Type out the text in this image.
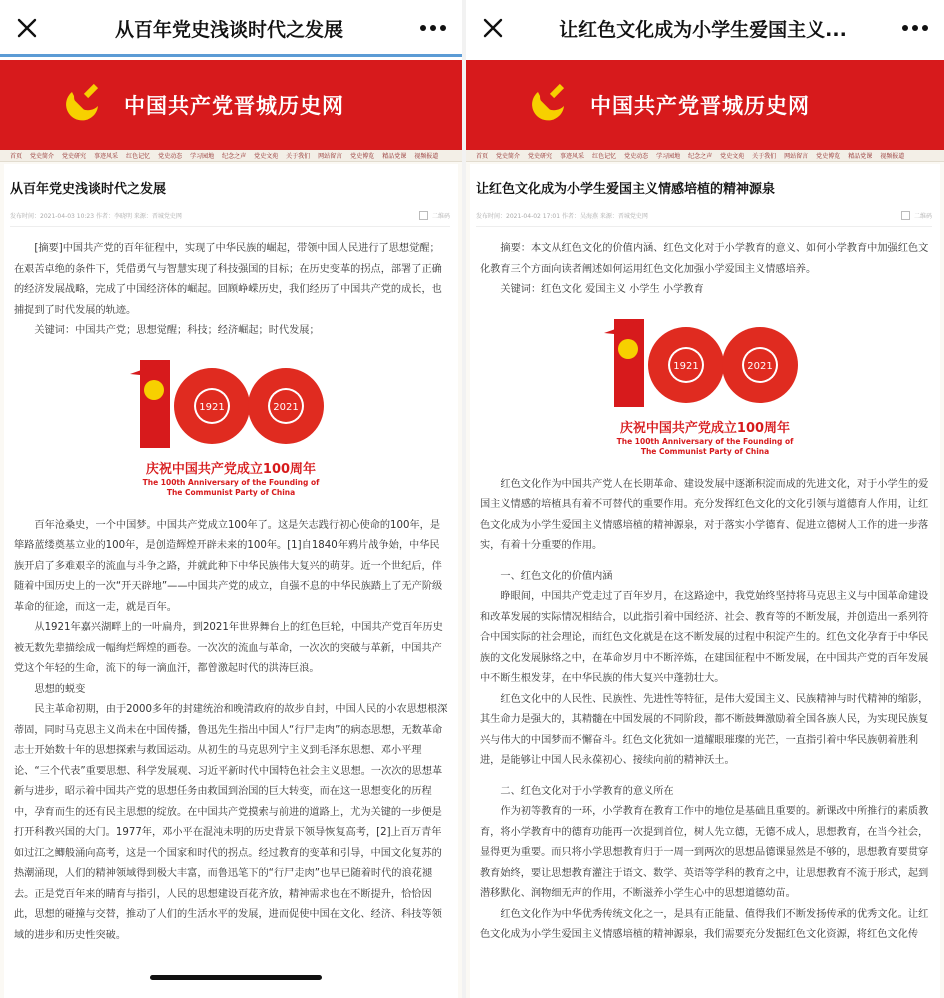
从百年党史浅谈时代之发展
中国共产党晋城历史网
首页 党史简介 党史研究 事迹风采 红色记忆 党史动态 学习园地 纪念之声 党史文苑 关于我们 网站留言 党史博览 精品党课 视频报道
从百年党史浅谈时代之发展
发布时间：2021-04-03 10:23 作者：李晓明 来源：晋城党史网	二维码

[摘要]中国共产党的百年征程中，实现了中华民族的崛起，带领中国人民进行了思想觉醒；在艰苦卓绝的条件下，凭借勇气与智慧实现了科技强国的目标；在历史变革的拐点，部署了正确的经济发展战略，完成了中国经济体的崛起。回顾峥嵘历史，我们经历了中国共产党的成长，也捕捉到了时代发展的轨迹。

关键词：中国共产党；思想觉醒；科技；经济崛起；时代发展；

1921	2021
庆祝中国共产党成立100周年
The 100th Anniversary of the Founding of
The Communist Party of China

百年沧桑史，一个中国梦。中国共产党成立100年了。这是矢志践行初心使命的100年，是筚路蓝缕奠基立业的100年，是创造辉煌开辟未来的100年。[1]自1840年鸦片战争始，中华民族开启了多难艰辛的流血与斗争之路，并就此种下中华民族伟大复兴的萌芽。近一个世纪后，伴随着中国历史上的一次“开天辟地”——中国共产党的成立，自强不息的中华民族踏上了无产阶级革命的征途，而这一走，就是百年。

从1921年嘉兴湖畔上的一叶扁舟，到2021年世界舞台上的红色巨轮，中国共产党百年历史被无数先辈描绘成一幅绚烂辉煌的画卷。一次次的流血与革命，一次次的突破与革新，中国共产党这个年轻的生命，流下的每一滴血汗，都曾激起时代的洪涛巨浪。

思想的蜕变

民主革命初期，由于2000多年的封建统治和晚清政府的故步自封，中国人民的小农思想根深蒂固，同时马克思主义尚未在中国传播，鲁迅先生指出中国人“行尸走肉”的病态思想，无数革命志士开始数十年的思想探索与救国运动。从初生的马克思列宁主义到毛泽东思想、邓小平理论、“三个代表”重要思想、科学发展观、习近平新时代中国特色社会主义思想。一次次的思想革新与进步，昭示着中国共产党的思想任务由救国到治国的巨大转变，而在这一思想变化的历程中，孕育而生的还有民主思想的绽放。在中国共产党摸索与前进的道路上，尤为关键的一步便是打开科教兴国的大门。1977年，邓小平在混沌未明的历史背景下领导恢复高考，[2]上百万青年如过江之鲫般涌向高考，这是一个国家和时代的拐点。经过教育的变革和引导，中国文化复苏的热潮涌现，人们的精神领域得到极大丰富，而鲁迅笔下的“行尸走肉”也早已随着时代的浪花褪去。正是党百年来的睛育与指引，人民的思想建设百花齐放，精神需求也在不断提升，恰恰因此，思想的碰撞与交替，推动了人们的生活水平的发展，进而促使中国在文化、经济、科技等领域的进步和历史性突破。

让红色文化成为小学生爱国主义...
中国共产党晋城历史网
首页 党史简介 党史研究 事迹风采 红色记忆 党史动态 学习园地 纪念之声 党史文苑 关于我们 网站留言 党史博览 精品党课 视频报道
让红色文化成为小学生爱国主义情感培植的精神源泉
发布时间：2021-04-02 17:01 作者：吴海燕 来源：晋城党史网	二维码

摘要：本文从红色文化的价值内涵、红色文化对于小学教育的意义、如何小学教育中加强红色文化教育三个方面向读者阐述如何运用红色文化加强小学爱国主义情感培养。

关键词：红色文化 爱国主义 小学生 小学教育

1921	2021
庆祝中国共产党成立100周年
The 100th Anniversary of the Founding of
The Communist Party of China

红色文化作为中国共产党人在长期革命、建设发展中逐渐积淀而成的先进文化，对于小学生的爱国主义情感的培植具有着不可替代的重要作用。充分发挥红色文化的文化引领与道德育人作用，让红色文化成为小学生爱国主义情感培植的精神源泉，对于落实小学德育、促进立德树人工作的进一步落实，有着十分重要的作用。

一、红色文化的价值内涵

睁眼间，中国共产党走过了百年岁月，在这路途中，我党始终坚持将马克思主义与中国革命建设和改革发展的实际情况相结合，以此指引着中国经济、社会、教育等的不断发展，并创造出一系列符合中国实际的社会理论，而红色文化就是在这不断发展的过程中积淀产生的。红色文化孕育于中华民族的文化发展脉络之中，在革命岁月中不断淬炼，在建国征程中不断发展，在中国共产党的百年发展中不断生根发芽，在中华民族的伟大复兴中蓬勃壮大。

红色文化中的人民性、民族性、先进性等特征，是伟大爱国主义、民族精神与时代精神的缩影，其生命力是强大的，其精髓在中国发展的不同阶段，都不断鼓舞激励着全国各族人民，为实现民族复兴与伟大的中国梦而不懈奋斗。红色文化犹如一道耀眼璀璨的光芒，一直指引着中华民族朝着胜利进，是能够让中国人民永葆初心、接续向前的精神沃土。

二、红色文化对于小学教育的意义所在

作为初等教育的一环，小学教育在教育工作中的地位是基础且重要的。新课改中所推行的素质教育，将小学教育中的德育功能再一次提到首位，树人先立德，无德不成人，思想教育，在当今社会，显得更为重要。而只将小学思想教育归于一周一到两次的思想品德课显然是不够的，思想教育要贯穿教育始终，要让思想教育灌注于语文、数学、英语等学科的教育之中，让思想教育不流于形式，起到潜移默化、润物细无声的作用，不断滋养小学生心中的思想道德幼苗。

红色文化作为中华优秀传统文化之一，是具有正能量、值得我们不断发扬传承的优秀文化。让红色文化成为小学生爱国主义情感培植的精神源泉，我们需要充分发掘红色文化资源，将红色文化传
